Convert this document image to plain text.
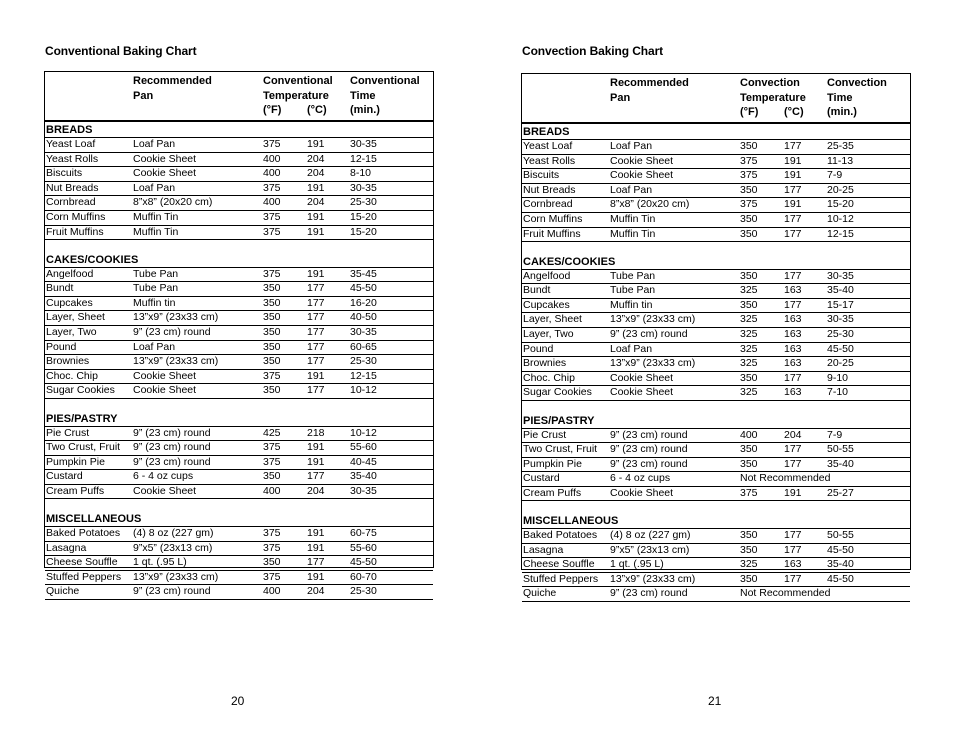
Conventional Baking Chart
Recommended
Pan
Conventional
Temperature
(°F) (°C)
Conventional
Time
(min.)
BREADS
Yeast Loaf	Loaf Pan	375	191 30-35
Yeast Rolls	Cookie Sheet	400	204 12-15
Biscuits	Cookie Sheet	400	204 8-10
Nut Breads	Loaf Pan	375	191 30-35
Cornbread	8”x8” (20x20 cm)	400	204 25-30
Corn Muffins	Muffin Tin	375	191 15-20
Fruit Muffins	Muffin Tin	375	191 15-20
CAKES/COOKIES
Angelfood	Tube Pan	375	191 35-45
Bundt	Tube Pan	350	177 45-50
Cupcakes	Muffin tin	350	177 16-20
Layer, Sheet	13”x9” (23x33 cm)	350	177 40-50
Layer, Two	9” (23 cm) round	350	177 30-35
Pound	Loaf Pan	350	177 60-65
Brownies	13”x9” (23x33 cm)	350	177 25-30
Choc. Chip	Cookie Sheet	375	191 12-15
Sugar Cookies Cookie Sheet	350	177 10-12
PIES/PASTRY
Pie Crust	9” (23 cm) round	425	218 10-12
Two Crust, Fruit 9” (23 cm) round	375	191 55-60
Pumpkin Pie	9” (23 cm) round	375	191 40-45
Custard	6 - 4 oz cups	350	177 35-40
Cream Puffs	Cookie Sheet	400	204 30-35
MISCELLANEOUS
Baked Potatoes (4) 8 oz (227 gm)	375	191 60-75
Lasagna	9”x5” (23x13 cm)	375	191 55-60
Cheese Souffle 1 qt. (.95 L)	350	177 45-50
Stuffed Peppers 13”x9” (23x33 cm)	375	191 60-70
Quiche	9” (23 cm) round	400	204 25-30
20
Convection Baking Chart
Recommended
Pan
Convection
Temperature
(°F) (°C)
Convection
Time
(min.)
BREADS
Yeast Loaf	Loaf Pan	350	177 25-35
Yeast Rolls	Cookie Sheet	375	191 11-13
Biscuits	Cookie Sheet	375	191 7-9
Nut Breads	Loaf Pan	350	177 20-25
Cornbread	8”x8” (20x20 cm)	375	191 15-20
Corn Muffins	Muffin Tin	350	177 10-12
Fruit Muffins	Muffin Tin	350	177 12-15
CAKES/COOKIES
Angelfood	Tube Pan	350	177 30-35
Bundt	Tube Pan	325	163 35-40
Cupcakes	Muffin tin	350	177 15-17
Layer, Sheet	13”x9” (23x33 cm)	325	163 30-35
Layer, Two	9” (23 cm) round	325	163 25-30
Pound	Loaf Pan	325	163 45-50
Brownies	13”x9” (23x33 cm)	325	163 20-25
Choc. Chip	Cookie Sheet	350	177 9-10
Sugar Cookies Cookie Sheet	325	163 7-10
PIES/PASTRY
Pie Crust	9” (23 cm) round	400	204 7-9
Two Crust, Fruit 9” (23 cm) round	350	177 50-55
Pumpkin Pie	9” (23 cm) round	350	177 35-40
Custard	6 - 4 oz cups	Not Recommended
Cream Puffs	Cookie Sheet	375	191 25-27
MISCELLANEOUS
Baked Potatoes (4) 8 oz (227 gm)	350	177 50-55
Lasagna	9”x5” (23x13 cm)	350	177 45-50
Cheese Souffle 1 qt. (.95 L)	325	163 35-40
Stuffed Peppers 13”x9” (23x33 cm)	350	177 45-50
Quiche	9” (23 cm) round	Not Recommended
21
